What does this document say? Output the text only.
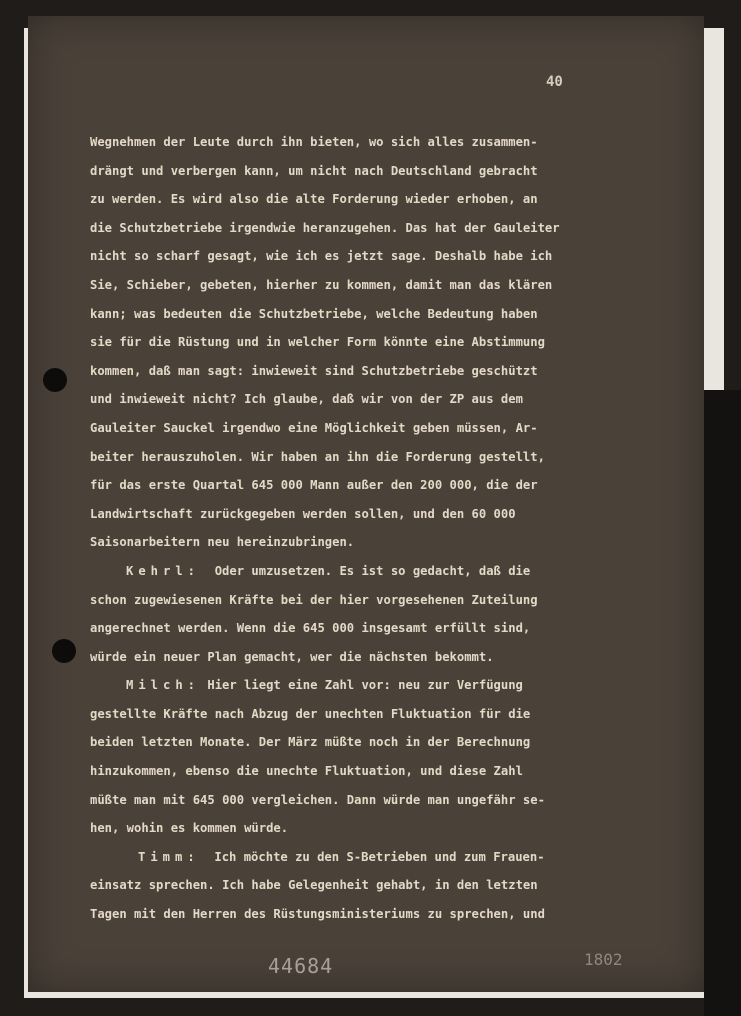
40
Wegnehmen der Leute durch ihn bieten, wo sich alles zusammen-
drängt und verbergen kann, um nicht nach Deutschland gebracht
zu werden. Es wird also die alte Forderung wieder erhoben, an
die Schutzbetriebe irgendwie heranzugehen. Das hat der Gauleiter
nicht so scharf gesagt, wie ich es jetzt sage. Deshalb habe ich
Sie, Schieber, gebeten, hierher zu kommen, damit man das klären
kann; was bedeuten die Schutzbetriebe, welche Bedeutung haben
sie für die Rüstung und in welcher Form könnte eine Abstimmung
kommen, daß man sagt: inwieweit sind Schutzbetriebe geschützt
und inwieweit nicht? Ich glaube, daß wir von der ZP aus dem
Gauleiter Sauckel irgendwo eine Möglichkeit geben müssen, Ar-
beiter herauszuholen. Wir haben an ihn die Forderung gestellt,
für das erste Quartal 645 000 Mann außer den 200 000, die der
Landwirtschaft zurückgegeben werden sollen, und den 60 000
Saisonarbeitern neu hereinzubringen.
Kehrl: Oder umzusetzen. Es ist so gedacht, daß die
schon zugewiesenen Kräfte bei der hier vorgesehenen Zuteilung
angerechnet werden. Wenn die 645 000 insgesamt erfüllt sind,
würde ein neuer Plan gemacht, wer die nächsten bekommt.
Milch: Hier liegt eine Zahl vor: neu zur Verfügung
gestellte Kräfte nach Abzug der unechten Fluktuation für die
beiden letzten Monate. Der März müßte noch in der Berechnung
hinzukommen, ebenso die unechte Fluktuation, und diese Zahl
müßte man mit 645 000 vergleichen. Dann würde man ungefähr se-
hen, wohin es kommen würde.
Timm: Ich möchte zu den S-Betrieben und zum Frauen-
einsatz sprechen. Ich habe Gelegenheit gehabt, in den letzten
Tagen mit den Herren des Rüstungsministeriums zu sprechen, und
44684	1802
